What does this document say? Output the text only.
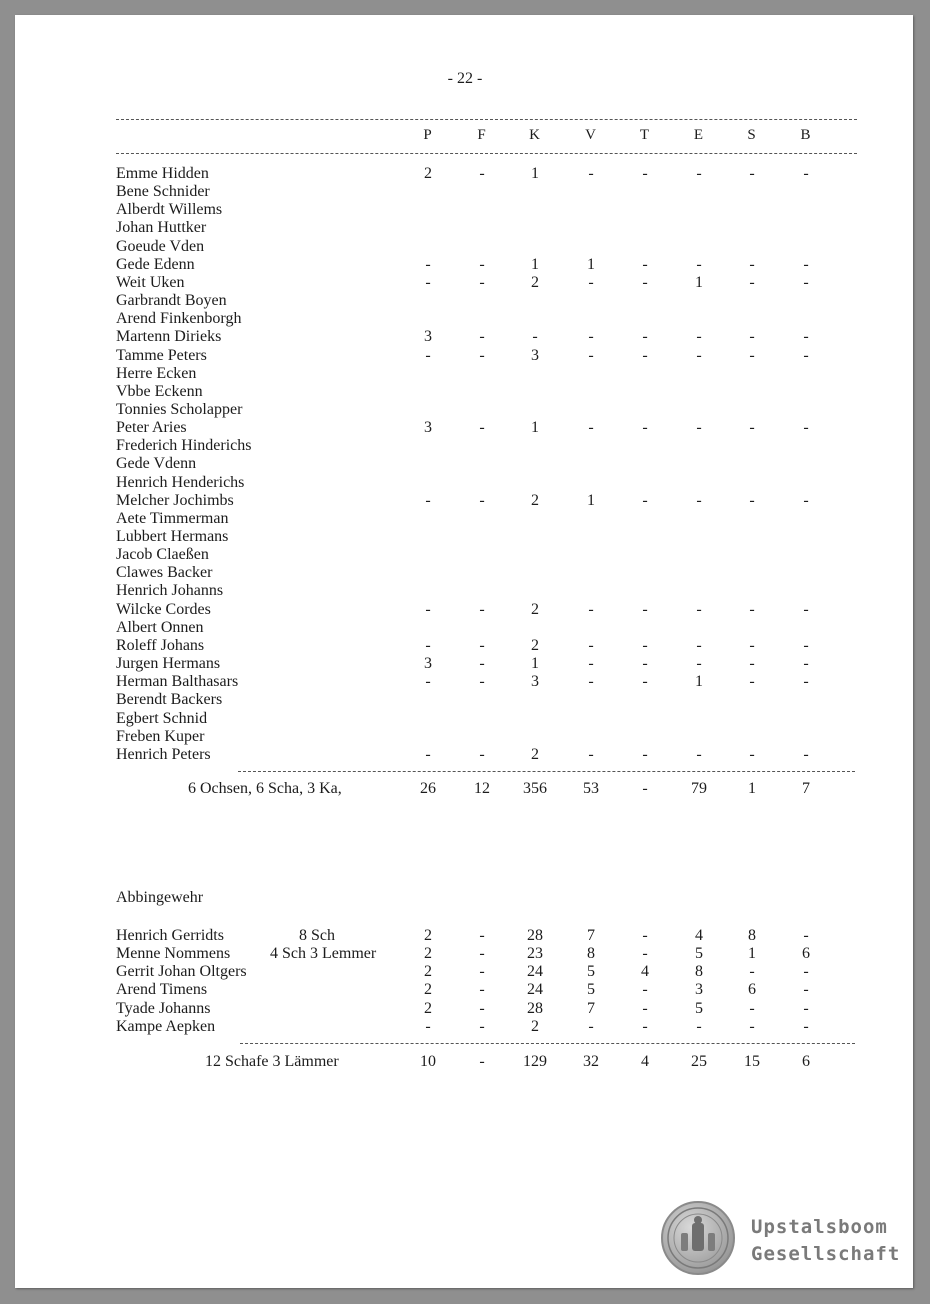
- 22 -
P	F	K	V	T	E	S	B
Emme Hidden	2	-	1	-	-	-	-	-
Bene Schnider
Alberdt Willems
Johan Huttker
Goeude Vden
Gede Edenn	-	-	1	1	-	-	-	-
Weit Uken	-	-	2	-	-	1	-	-
Garbrandt Boyen
Arend Finkenborgh
Martenn Dirieks	3	-	-	-	-	-	-	-
Tamme Peters	-	-	3	-	-	-	-	-
Herre Ecken
Vbbe Eckenn
Tonnies Scholapper
Peter Aries	3	-	1	-	-	-	-	-
Frederich Hinderichs
Gede Vdenn
Henrich Henderichs
Melcher Jochimbs	-	-	2	1	-	-	-	-
Aete Timmerman
Lubbert Hermans
Jacob Claeßen
Clawes Backer
Henrich Johanns
Wilcke Cordes	-	-	2	-	-	-	-	-
Albert Onnen
Roleff Johans	-	-	2	-	-	-	-	-
Jurgen Hermans	3	-	1	-	-	-	-	-
Herman Balthasars	-	-	3	-	-	1	-	-
Berendt Backers
Egbert Schnid
Freben Kuper
Henrich Peters	-	-	2	-	-	-	-	-
6 Ochsen, 6 Scha, 3 Ka,	26	12	356	53	-	79	1	7
Abbingewehr
Henrich Gerridts	8 Sch	2	-	28	7	-	4	8	-
Menne Nommens 4 Sch 3 Lemmer	2	-	23	8	-	5	1	6
Gerrit Johan Oltgers	2	-	24	5	4	8	-	-
Arend Timens	2	-	24	5	-	3	6	-
Tyade Johanns	2	-	28	7	-	5	-	-
Kampe Aepken	-	-	2	-	-	-	-	-
12 Schafe 3 Lämmer	10	-	129	32	4	25	15	6
Upstalsboom
Gesellschaft
